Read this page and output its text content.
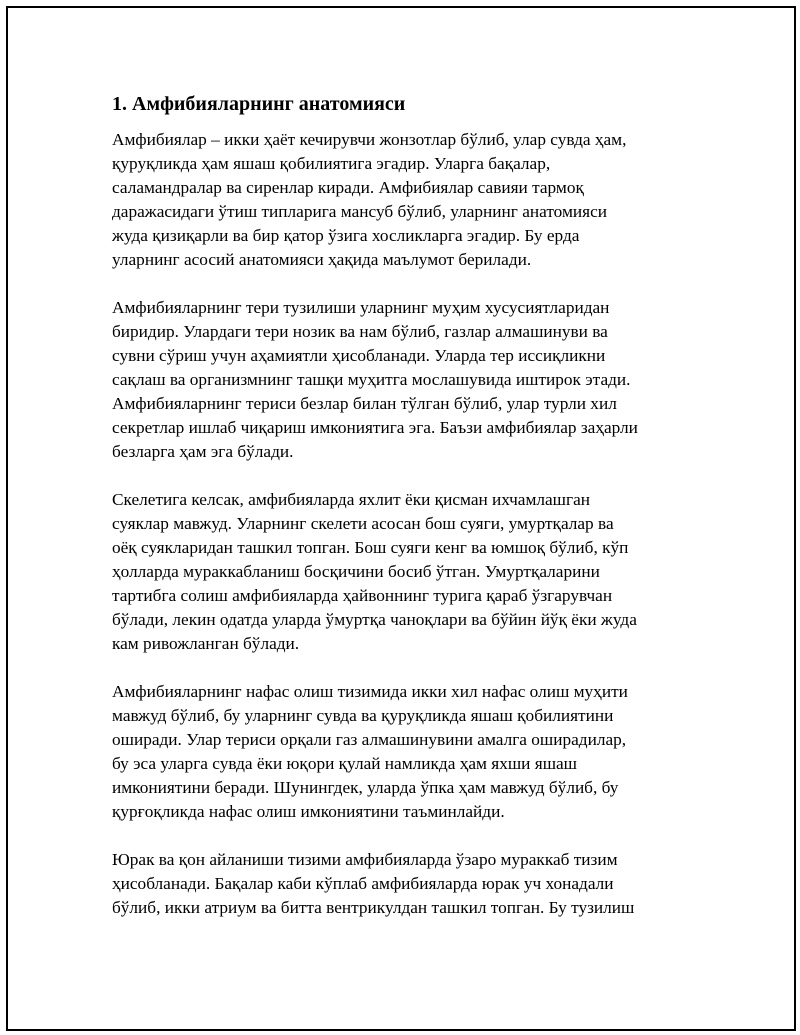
1. Амфибияларнинг анатомияси
Амфибиялар – икки ҳаёт кечирувчи жонзотлар бўлиб, улар сувда ҳам,
қуруқликда ҳам яшаш қобилиятига эгадир. Уларга бақалар,
саламандралар ва сиренлар киради. Амфибиялар савияи тармоқ
даражасидаги ўтиш типларига мансуб бўлиб, уларнинг анатомияси
жуда қизиқарли ва бир қатор ўзига хосликларга эгадир. Бу ерда
уларнинг асосий анатомияси ҳақида маълумот берилади.
Амфибияларнинг тери тузилиши уларнинг муҳим хусусиятларидан
биридир. Улардаги тери нозик ва нам бўлиб, газлар алмашинуви ва
сувни сўриш учун аҳамиятли ҳисобланади. Уларда тер иссиқликни
сақлаш ва организмнинг ташқи муҳитга мослашувида иштирок этади.
Амфибияларнинг териси безлар билан тўлган бўлиб, улар турли хил
секретлар ишлаб чиқариш имкониятига эга. Баъзи амфибиялар заҳарли
безларга ҳам эга бўлади.
Скелетига келсак, амфибияларда яхлит ёки қисман ихчамлашган
суяклар мавжуд. Уларнинг скелети асосан бош суяги, умуртқалар ва
оёқ суякларидан ташкил топган. Бош суяги кенг ва юмшоқ бўлиб, кўп
ҳолларда мураккабланиш босқичини босиб ўтган. Умуртқаларини
тартибга солиш амфибияларда ҳайвоннинг турига қараб ўзгарувчан
бўлади, лекин одатда уларда ўмуртқа чаноқлари ва бўйин йўқ ёки жуда
кам ривожланган бўлади.
Амфибияларнинг нафас олиш тизимида икки хил нафас олиш муҳити
мавжуд бўлиб, бу уларнинг сувда ва қуруқликда яшаш қобилиятини
оширади. Улар териси орқали газ алмашинувини амалга оширадилар,
бу эса уларга сувда ёки юқори қулай намликда ҳам яхши яшаш
имкониятини беради. Шунингдек, уларда ўпка ҳам мавжуд бўлиб, бу
қурғоқликда нафас олиш имкониятини таъминлайди.
Юрак ва қон айланиши тизими амфибияларда ўзаро мураккаб тизим
ҳисобланади. Бақалар каби кўплаб амфибияларда юрак уч хонадали
бўлиб, икки атриум ва битта вентрикулдан ташкил топган. Бу тузилиш
